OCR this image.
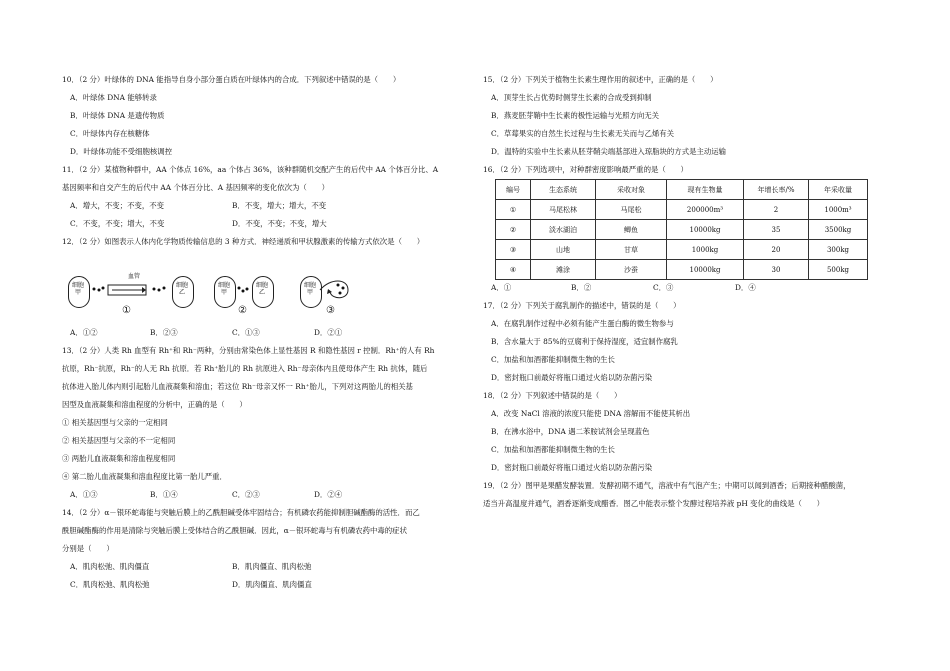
10．（2 分）叶绿体的 DNA 能指导自身小部分蛋白质在叶绿体内的合成．下列叙述中错误的是（　　）
A．叶绿体 DNA 能够转录
B．叶绿体 DNA 是遗传物质
C．叶绿体内存在核糖体
D．叶绿体功能不受细胞核调控
11．（2 分）某植物种群中，AA 个体点 16%，aa 个体占 36%，该种群随机交配产生的后代中 AA 个体百分比、A
基因频率和自交产生的后代中 AA 个体百分比、A 基因频率的变化依次为（　　）
A．增大，不变；不变，不变	B．不变，增大；增大，不变
C．不变，不变；增大，不变	D．不变，不变；不变，增大
12．（2 分）如图表示人体内化学物质传输信息的 3 种方式．神经递质和甲状腺激素的传输方式依次是（　　）
细胞甲
细胞乙
血管
①
细胞甲
细胞乙
②
细胞甲
③
A．①②	B．②③	C．①③	D．②①
13．（2 分）人类 Rh 血型有 Rh⁺和 Rh⁻两种，分别由常染色体上显性基因 R 和隐性基因 r 控制．Rh⁺的人有 Rh
抗原，Rh⁻抗原，Rh⁻的人无 Rh 抗原．若 Rh⁺胎儿的 Rh 抗原进入 Rh⁻母亲体内且使母体产生 Rh 抗体，随后
抗体进入胎儿体内则引起胎儿血液凝集和溶血；若这位 Rh⁻母亲又怀一 Rh⁺胎儿，下列对这两胎儿的相关基
因型及血液凝集和溶血程度的分析中，正确的是（　　）
① 相关基因型与父亲的一定相同
② 相关基因型与父亲的不一定相同
③ 两胎儿血液凝集和溶血程度相同
④ 第二胎儿血液凝集和溶血程度比第一胎儿严重．
A．①③	B．①④	C．②③	D．②④
14．（2 分）α－银环蛇毒能与突触后膜上的乙酰胆碱受体牢固结合；有机磷农药能抑制胆碱酯酶的活性．而乙
酰胆碱酯酶的作用是清除与突触后膜上受体结合的乙酰胆碱．因此，α－银环蛇毒与有机磷农药中毒的症状
分别是（　　）
A．肌肉松弛、肌肉僵直	B．肌肉僵直、肌肉松弛
C．肌肉松弛、肌肉松弛	D．肌肉僵直、肌肉僵直
15．（2 分）下列关于植物生长素生理作用的叙述中，正确的是（　　）
A．顶芽生长占优势时侧芽生长素的合成受到抑制
B．燕麦胚芽鞘中生长素的极性运输与光照方向无关
C．草莓果实的自然生长过程与生长素无关而与乙烯有关
D．温特的实验中生长素从胚芽鞘尖端基部进入琼脂块的方式是主动运输
16．（2 分）下列选项中，对种群密度影响最严重的是（　　）
编号	生态系统	采收对象	现有生物量	年增长率/%	年采收量
①	马尾松林	马尾松	200000m³	2	1000m³
②	淡水湖泊	鲫鱼	10000kg	35	3500kg
③	山地	甘草	1000kg	20	300kg
④	滩涂	沙蚕	10000kg	30	500kg
A．①	B．②	C．③	D．④
17．（2 分）下列关于腐乳制作的描述中，错误的是（　　）
A．在腐乳制作过程中必须有能产生蛋白酶的微生物参与
B．含水量大于 85%的豆腐利于保持湿度，适宜制作腐乳
C．加盐和加酒都能抑制微生物的生长
D．密封瓶口前最好将瓶口通过火焰以防杂菌污染
18．（2 分）下列叙述中错误的是（　　）
A．改变 NaCl 溶液的浓度只能使 DNA 溶解而不能使其析出
B．在沸水浴中，DNA 遇二苯胺试剂会呈现蓝色
C．加盐和加酒都能抑制微生物的生长
D．密封瓶口前最好将瓶口通过火焰以防杂菌污染
19．（2 分）图甲是果醋发酵装置．发酵初期不通气，溶液中有气泡产生；中期可以闻到酒香；后期接种醋酸菌，
适当升高温度并通气，酒香逐渐变成醋香．图乙中能表示整个发酵过程培养液 pH 变化的曲线是（　　）
